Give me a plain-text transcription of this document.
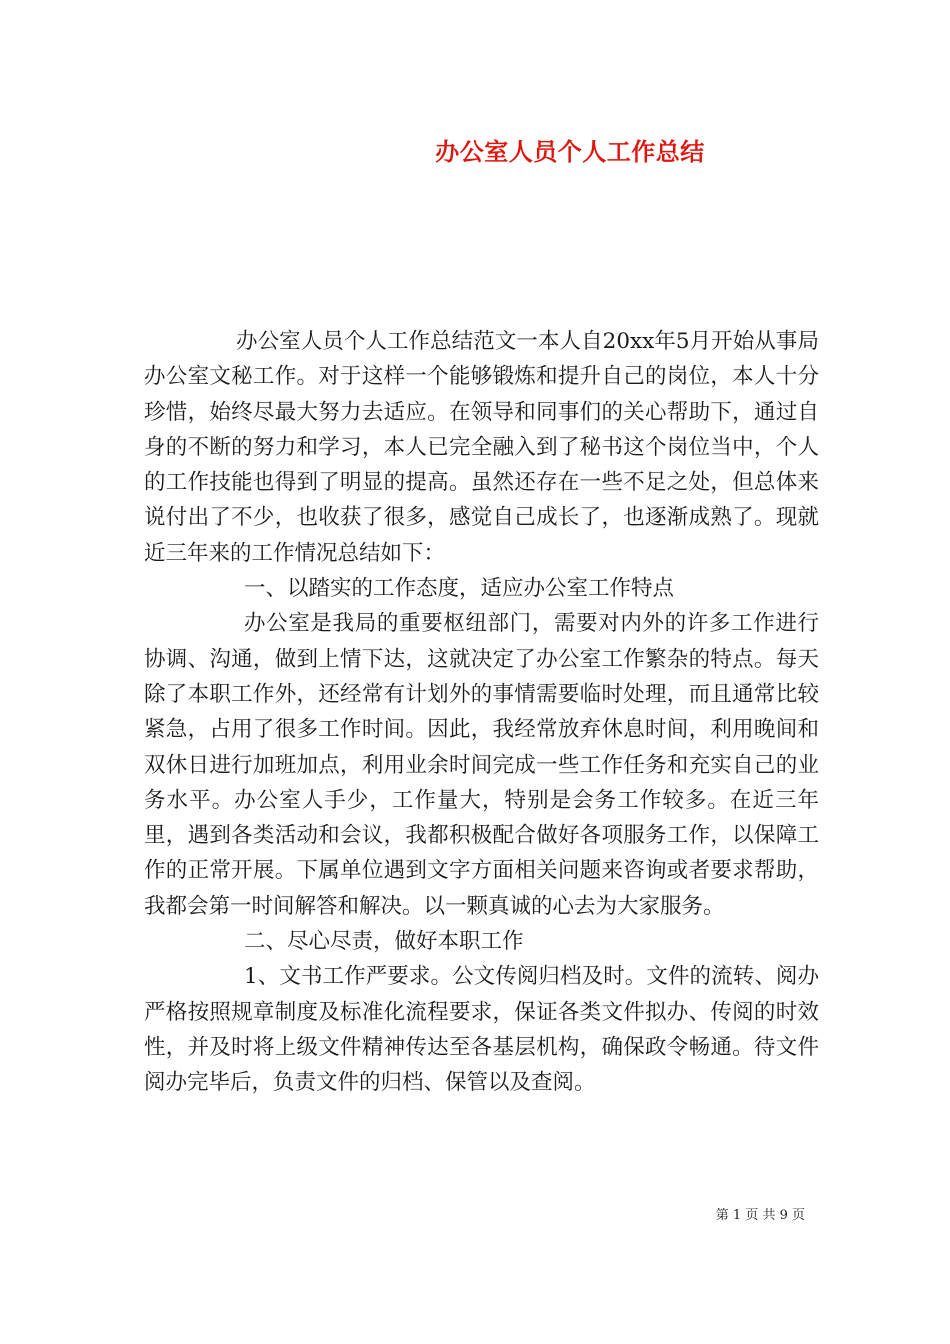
办公室人员个人工作总结

办公室人员个人工作总结范文一本人自20xx年5月开始从事局办公室文秘工作。对于这样一个能够锻炼和提升自己的岗位，本人十分珍惜，始终尽最大努力去适应。在领导和同事们的关心帮助下，通过自身的不断的努力和学习，本人已完全融入到了秘书这个岗位当中，个人的工作技能也得到了明显的提高。虽然还存在一些不足之处，但总体来说付出了不少，也收获了很多，感觉自己成长了，也逐渐成熟了。现就近三年来的工作情况总结如下：

一、以踏实的工作态度，适应办公室工作特点

办公室是我局的重要枢纽部门，需要对内外的许多工作进行协调、沟通，做到上情下达，这就决定了办公室工作繁杂的特点。每天除了本职工作外，还经常有计划外的事情需要临时处理，而且通常比较紧急，占用了很多工作时间。因此，我经常放弃休息时间，利用晚间和双休日进行加班加点，利用业余时间完成一些工作任务和充实自己的业务水平。办公室人手少，工作量大，特别是会务工作较多。在近三年里，遇到各类活动和会议，我都积极配合做好各项服务工作，以保障工作的正常开展。下属单位遇到文字方面相关问题来咨询或者要求帮助，我都会第一时间解答和解决。以一颗真诚的心去为大家服务。

二、尽心尽责，做好本职工作

1、文书工作严要求。公文传阅归档及时。文件的流转、阅办严格按照规章制度及标准化流程要求，保证各类文件拟办、传阅的时效性，并及时将上级文件精神传达至各基层机构，确保政令畅通。待文件阅办完毕后，负责文件的归档、保管以及查阅。

第 1 页 共 9 页
